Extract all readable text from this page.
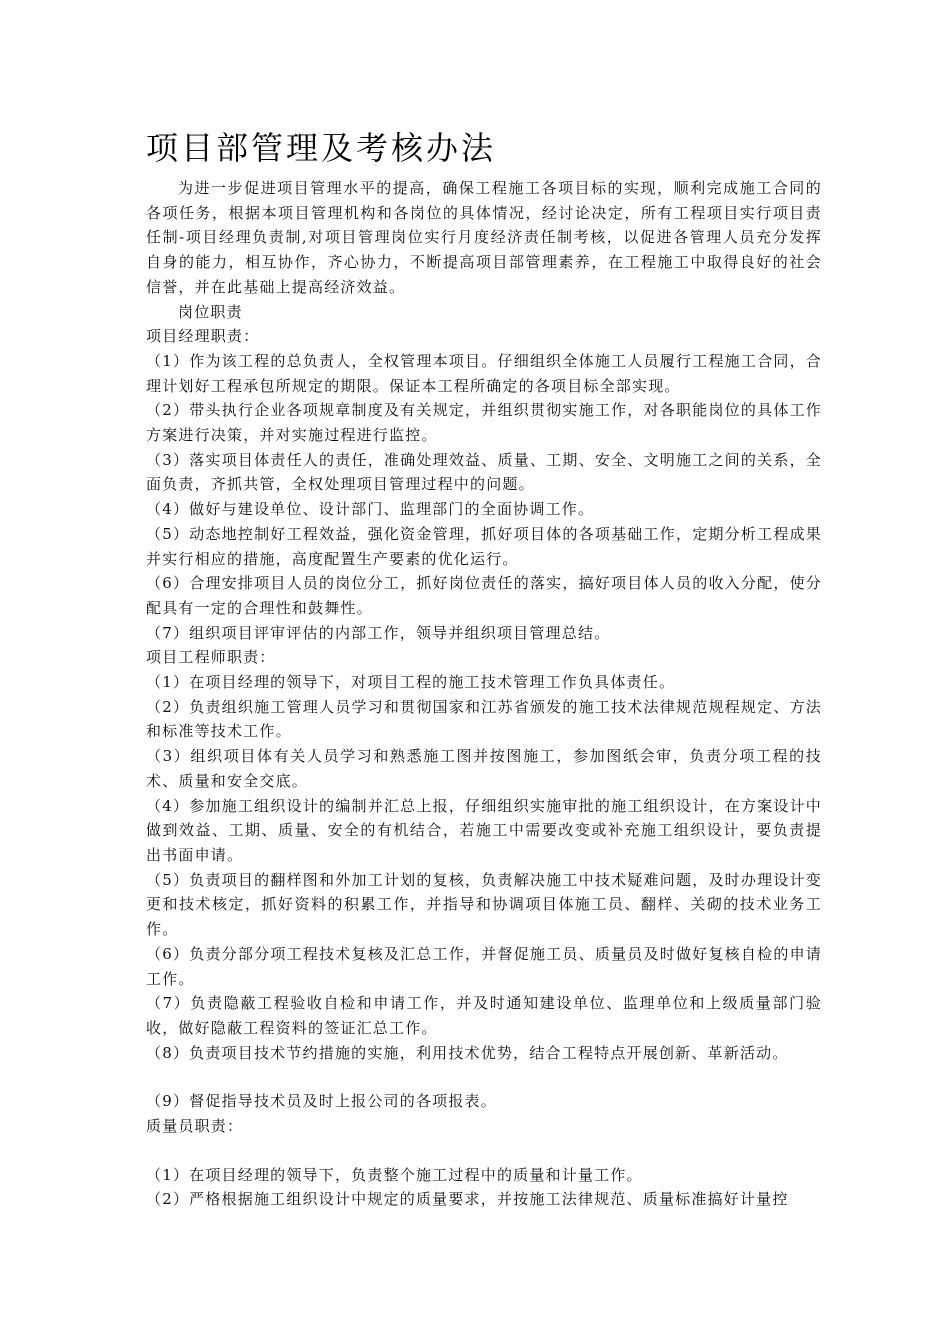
项目部管理及考核办法

为进一步促进项目管理水平的提高，确保工程施工各项目标的实现，顺利完成施工合同的各项任务，根据本项目管理机构和各岗位的具体情况，经讨论决定，所有工程项目实行项目责任制-项目经理负责制,对项目管理岗位实行月度经济责任制考核，以促进各管理人员充分发挥自身的能力，相互协作，齐心协力，不断提高项目部管理素养，在工程施工中取得良好的社会信誉，并在此基础上提高经济效益。

岗位职责

项目经理职责：

（1）作为该工程的总负责人，全权管理本项目。仔细组织全体施工人员履行工程施工合同，合理计划好工程承包所规定的期限。保证本工程所确定的各项目标全部实现。

（2）带头执行企业各项规章制度及有关规定，并组织贯彻实施工作，对各职能岗位的具体工作方案进行决策，并对实施过程进行监控。

（3）落实项目体责任人的责任，准确处理效益、质量、工期、安全、文明施工之间的关系，全面负责，齐抓共管，全权处理项目管理过程中的问题。

（4）做好与建设单位、设计部门、监理部门的全面协调工作。

（5）动态地控制好工程效益，强化资金管理，抓好项目体的各项基础工作，定期分析工程成果并实行相应的措施，高度配置生产要素的优化运行。

（6）合理安排项目人员的岗位分工，抓好岗位责任的落实，搞好项目体人员的收入分配，使分配具有一定的合理性和鼓舞性。

（7）组织项目评审评估的内部工作，领导并组织项目管理总结。

项目工程师职责：

（1）在项目经理的领导下，对项目工程的施工技术管理工作负具体责任。

（2）负责组织施工管理人员学习和贯彻国家和江苏省颁发的施工技术法律规范规程规定、方法和标准等技术工作。

（3）组织项目体有关人员学习和熟悉施工图并按图施工，参加图纸会审，负责分项工程的技术、质量和安全交底。

（4）参加施工组织设计的编制并汇总上报，仔细组织实施审批的施工组织设计，在方案设计中做到效益、工期、质量、安全的有机结合，若施工中需要改变或补充施工组织设计，要负责提出书面申请。

（5）负责项目的翻样图和外加工计划的复核，负责解决施工中技术疑难问题，及时办理设计变更和技术核定，抓好资料的积累工作，并指导和协调项目体施工员、翻样、关砌的技术业务工作。

（6）负责分部分项工程技术复核及汇总工作，并督促施工员、质量员及时做好复核自检的申请工作。

（7）负责隐蔽工程验收自检和申请工作，并及时通知建设单位、监理单位和上级质量部门验收，做好隐蔽工程资料的签证汇总工作。

（8）负责项目技术节约措施的实施，利用技术优势，结合工程特点开展创新、革新活动。

（9）督促指导技术员及时上报公司的各项报表。

质量员职责：

（1）在项目经理的领导下，负责整个施工过程中的质量和计量工作。

（2）严格根据施工组织设计中规定的质量要求，并按施工法律规范、质量标准搞好计量控
